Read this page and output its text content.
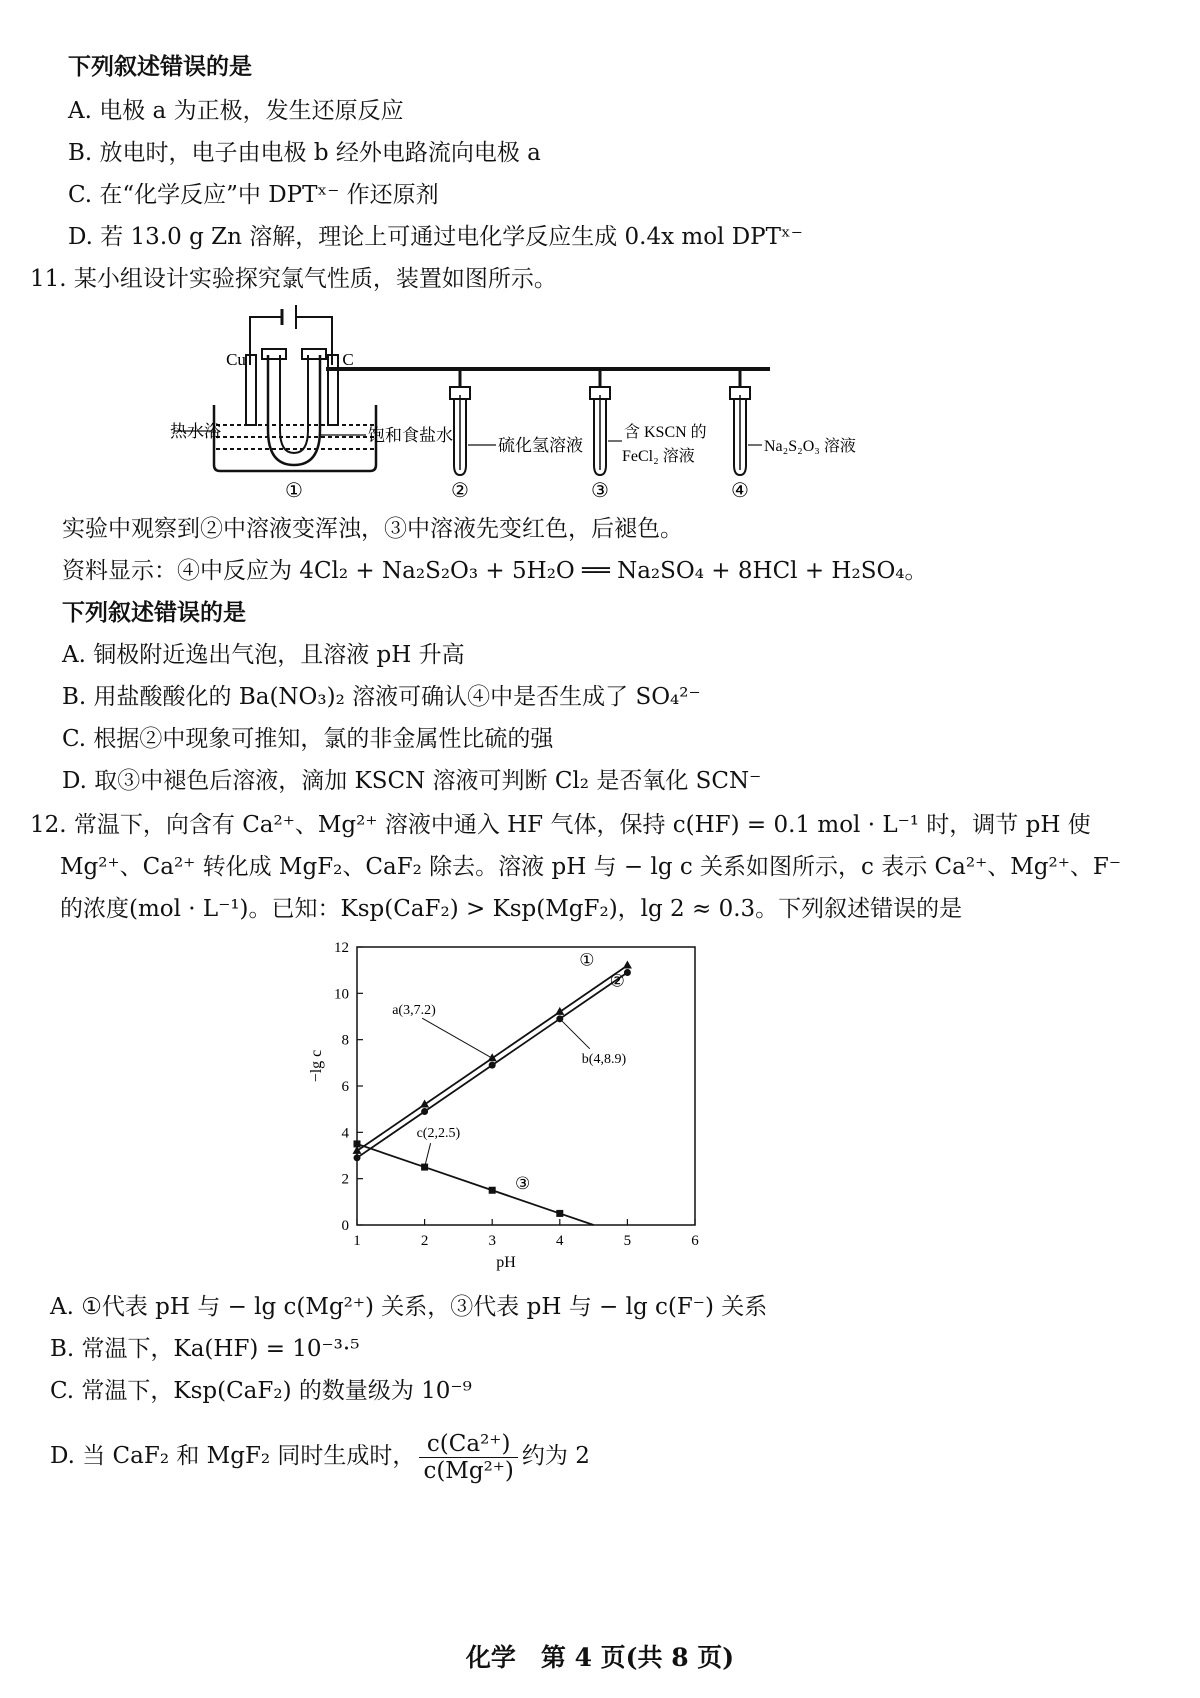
下列叙述错误的是
A. 电极 a 为正极，发生还原反应
B. 放电时，电子由电极 b 经外电路流向电极 a
C. 在“化学反应”中 DPTˣ⁻ 作还原剂
D. 若 13.0 g Zn 溶解，理论上可通过电化学反应生成 0.4x mol DPTˣ⁻
11. 某小组设计实验探究氯气性质，装置如图所示。
Cu	C
热水浴	饱和食盐水
硫化氢溶液
含 KSCN 的
FeCl₂ 溶液
Na₂S₂O₃ 溶液
①	②	③	④
实验中观察到②中溶液变浑浊，③中溶液先变红色，后褪色。
资料显示：④中反应为 4Cl₂ + Na₂S₂O₃ + 5H₂O ══ Na₂SO₄ + 8HCl + H₂SO₄。
下列叙述错误的是
A. 铜极附近逸出气泡，且溶液 pH 升高
B. 用盐酸酸化的 Ba(NO₃)₂ 溶液可确认④中是否生成了 SO₄²⁻
C. 根据②中现象可推知，氯的非金属性比硫的强
D. 取③中褪色后溶液，滴加 KSCN 溶液可判断 Cl₂ 是否氧化 SCN⁻
12. 常温下，向含有 Ca²⁺、Mg²⁺ 溶液中通入 HF 气体，保持 c(HF) = 0.1 mol · L⁻¹ 时，调节 pH 使
Mg²⁺、Ca²⁺ 转化成 MgF₂、CaF₂ 除去。溶液 pH 与 − lg c 关系如图所示，c 表示 Ca²⁺、Mg²⁺、F⁻
的浓度(mol · L⁻¹)。已知：Ksp(CaF₂) > Ksp(MgF₂)，lg 2 ≈ 0.3。下列叙述错误的是
1	2	3	4	5	6
0
2
4
6
8
10
12
①
②
③
a(3,7.2)
b(4,8.9)
c(2,2.5)
pH
−lg c
A. ①代表 pH 与 − lg c(Mg²⁺) 关系，③代表 pH 与 − lg c(F⁻) 关系
B. 常温下，Ka(HF) = 10⁻³·⁵
C. 常温下，Ksp(CaF₂) 的数量级为 10⁻⁹
D. 当 CaF₂ 和 MgF₂ 同时生成时， $\frac{\text{c(Ca²⁺)}}{\text{c(Mg²⁺)}}$ 约为 2
化学　第 4 页(共 8 页)
